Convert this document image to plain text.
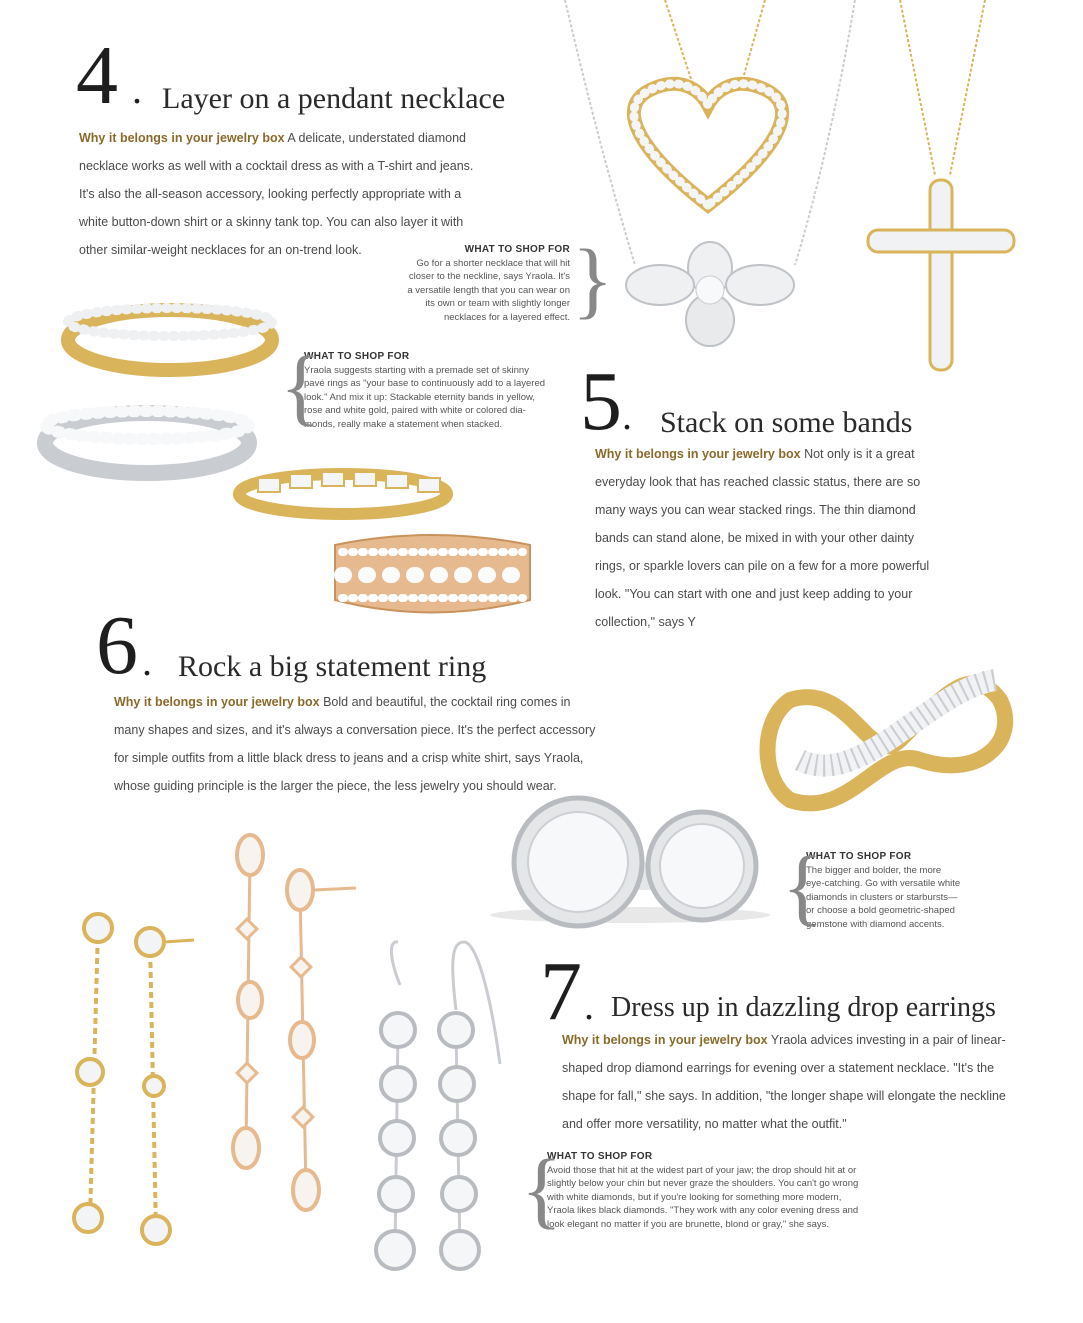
4 . Layer on a pendant necklace
Why it belongs in your jewelry box A delicate, understated diamond
necklace works as well with a cocktail dress as with a T-shirt and jeans.
It's also the all-season accessory, looking perfectly appropriate with a
white button-down shirt or a skinny tank top. You can also layer it with
other similar-weight necklaces for an on-trend look.	WHAT TO SHOP FOR
Go for a shorter necklace that will hit
closer to the neckline, says Yraola. It's
a versatile length that you can wear on
its own or team with slightly longer
necklaces for a layered effect. }
WHAT TO SHOP FOR
Yraola suggests starting with a premade set of skinny
pavé rings as "your base to continuously add to a layered
look." And mix it up: Stackable eternity bands in yellow,
rose and white gold, paired with white or colored dia-
monds, really make a statement when stacked.
{	5 . Stack on some bands
Why it belongs in your jewelry box Not only is it a great
everyday look that has reached classic status, there are so
many ways you can wear stacked rings. The thin diamond
bands can stand alone, be mixed in with your other dainty
rings, or sparkle lovers can pile on a few for a more powerful
look. "You can start with one and just keep adding to your
collection," says Y
6 . Rock a big statement ring
Why it belongs in your jewelry box Bold and beautiful, the cocktail ring comes in
many shapes and sizes, and it's always a conversation piece. It's the perfect accessory
for simple outfits from a little black dress to jeans and a crisp white shirt, says Yraola,
whose guiding principle is the larger the piece, the less jewelry you should wear.
WHAT TO SHOP FOR
The bigger and bolder, the more
eye-catching. Go with versatile white
diamonds in clusters or starbursts—
or choose a bold geometric-shaped
gemstone with diamond accents.
{
7 . Dress up in dazzling drop earrings
Why it belongs in your jewelry box Yraola advices investing in a pair of linear-
shaped drop diamond earrings for evening over a statement necklace. "It's the
shape for fall," she says. In addition, "the longer shape will elongate the neckline
and offer more versatility, no matter what the outfit."
WHAT TO SHOP FOR
Avoid those that hit at the widest part of your jaw; the drop should hit at or
slightly below your chin but never graze the shoulders. You can't go wrong
with white diamonds, but if you're looking for something more modern,
Yraola likes black diamonds. "They work with any color evening dress and
look elegant no matter if you are brunette, blond or gray," she says.
{
